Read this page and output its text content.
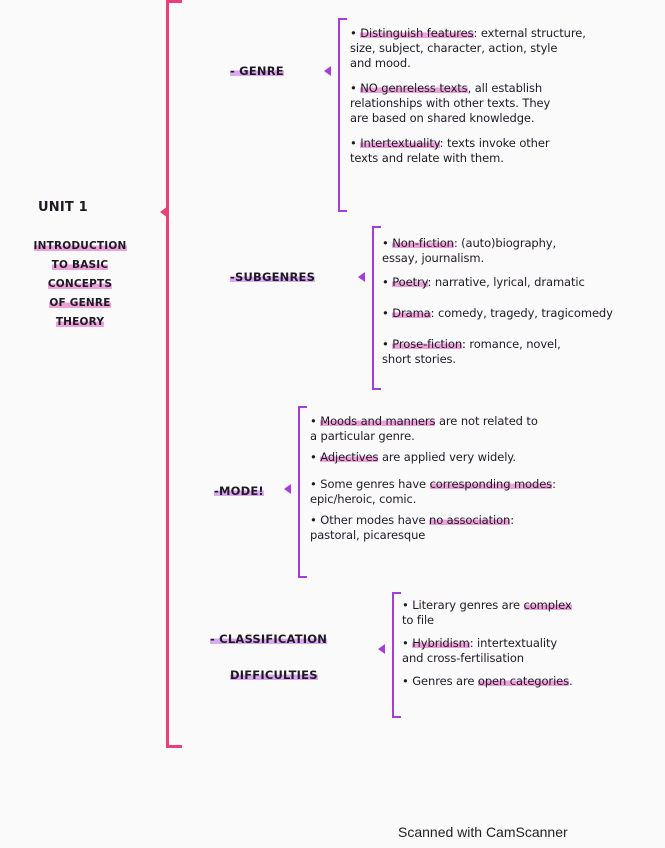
UNIT 1
INTRODUCTION
TO BASIC
CONCEPTS
OF GENRE
THEORY
- GENRE
• Distinguish features: external structure,
size, subject, character, action, style
and mood.
• NO genreless texts, all establish
relationships with other texts. They
are based on shared knowledge.
• Intertextuality: texts invoke other
texts and relate with them.
-SUBGENRES
• Non-fiction: (auto)biography,
essay, journalism.
• Poetry: narrative, lyrical, dramatic
• Drama: comedy, tragedy, tragicomedy
• Prose-fiction: romance, novel,
short stories.
-MODE!
• Moods and manners are not related to
a particular genre.
• Adjectives are applied very widely.
• Some genres have corresponding modes:
epic/heroic, comic.
• Other modes have no association:
pastoral, picaresque
- CLASSIFICATION
DIFFICULTIES
• Literary genres are complex
to file
• Hybridism: intertextuality
and cross-fertilisation
• Genres are open categories.
Scanned with CamScanner
